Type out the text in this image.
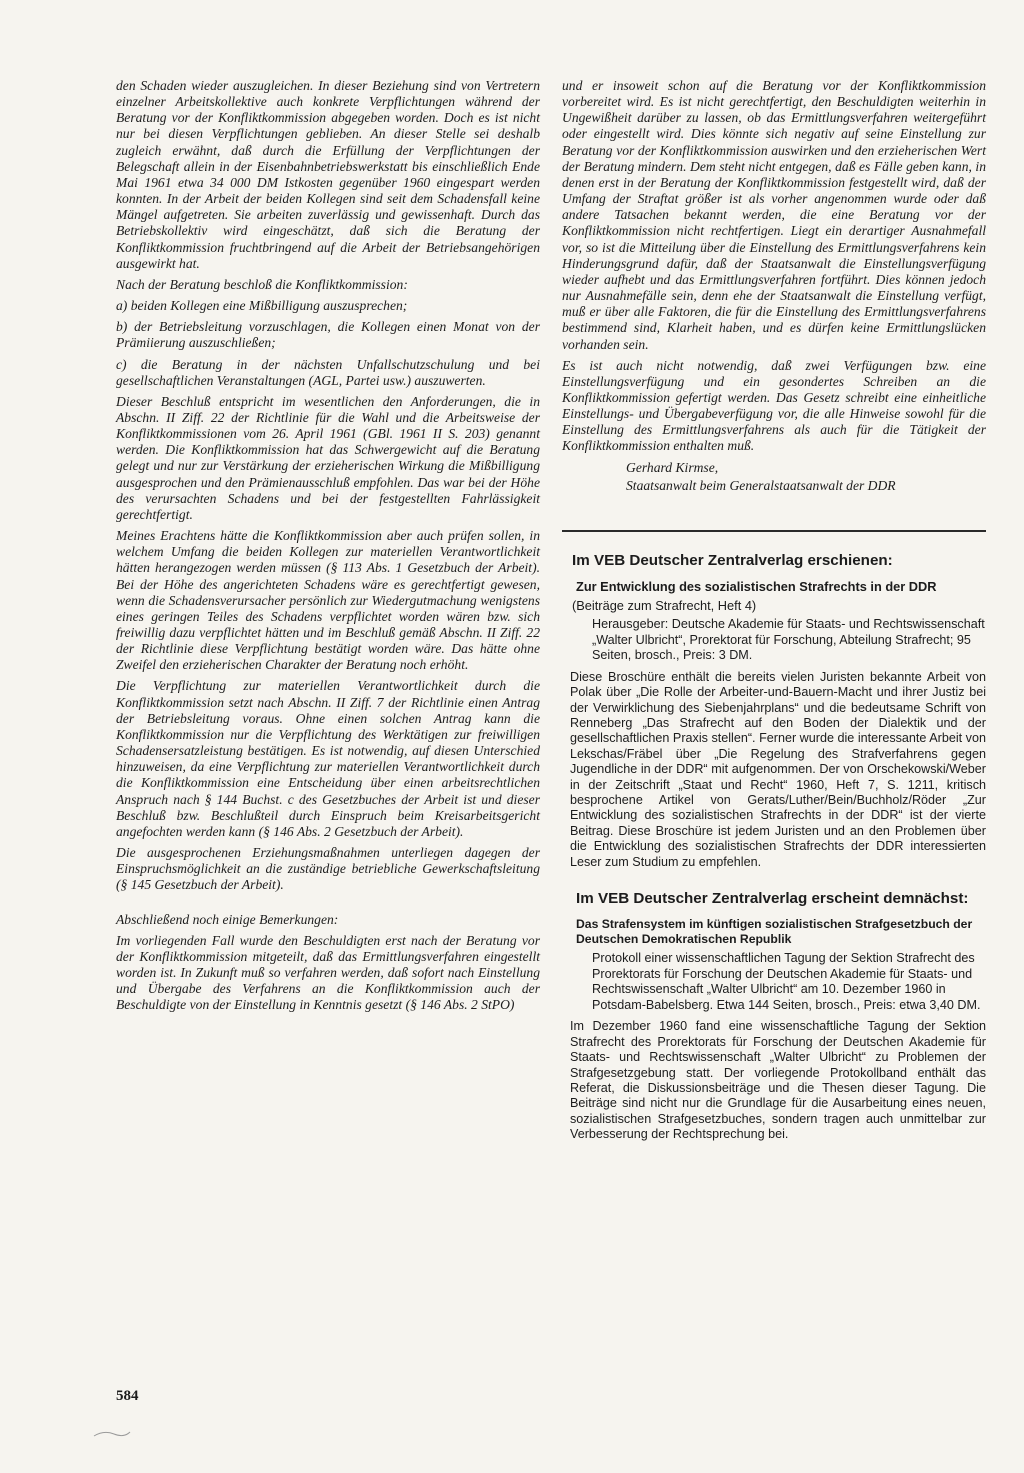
den Schaden wieder auszugleichen. In dieser Beziehung sind von Vertretern einzelner Arbeitskollektive auch konkrete Verpflichtungen während der Beratung vor der Konfliktkommission abgegeben worden. Doch es ist nicht nur bei diesen Verpflichtungen geblieben. An dieser Stelle sei deshalb zugleich erwähnt, daß durch die Erfüllung der Verpflichtungen der Belegschaft allein in der Eisenbahnbetriebswerkstatt bis einschließlich Ende Mai 1961 etwa 34 000 DM Istkosten gegenüber 1960 eingespart werden konnten. In der Arbeit der beiden Kollegen sind seit dem Schadensfall keine Mängel aufgetreten. Sie arbeiten zuverlässig und gewissenhaft. Durch das Betriebskollektiv wird eingeschätzt, daß sich die Beratung der Konfliktkommission fruchtbringend auf die Arbeit der Betriebsangehörigen ausgewirkt hat.

Nach der Beratung beschloß die Konfliktkommission:

a) beiden Kollegen eine Mißbilligung auszusprechen;

b) der Betriebsleitung vorzuschlagen, die Kollegen einen Monat von der Prämiierung auszuschließen;

c) die Beratung in der nächsten Unfallschutzschulung und bei gesellschaftlichen Veranstaltungen (AGL, Partei usw.) auszuwerten.

Dieser Beschluß entspricht im wesentlichen den Anforderungen, die in Abschn. II Ziff. 22 der Richtlinie für die Wahl und die Arbeitsweise der Konfliktkommissionen vom 26. April 1961 (GBl. 1961 II S. 203) genannt werden. Die Konfliktkommission hat das Schwergewicht auf die Beratung gelegt und nur zur Verstärkung der erzieherischen Wirkung die Mißbilligung ausgesprochen und den Prämienausschluß empfohlen. Das war bei der Höhe des verursachten Schadens und bei der festgestellten Fahrlässigkeit gerechtfertigt.

Meines Erachtens hätte die Konfliktkommission aber auch prüfen sollen, in welchem Umfang die beiden Kollegen zur materiellen Verantwortlichkeit hätten herangezogen werden müssen (§ 113 Abs. 1 Gesetzbuch der Arbeit). Bei der Höhe des angerichteten Schadens wäre es gerechtfertigt gewesen, wenn die Schadensverursacher persönlich zur Wiedergutmachung wenigstens eines geringen Teiles des Schadens verpflichtet worden wären bzw. sich freiwillig dazu verpflichtet hätten und im Beschluß gemäß Abschn. II Ziff. 22 der Richtlinie diese Verpflichtung bestätigt worden wäre. Das hätte ohne Zweifel den erzieherischen Charakter der Beratung noch erhöht.

Die Verpflichtung zur materiellen Verantwortlichkeit durch die Konfliktkommission setzt nach Abschn. II Ziff. 7 der Richtlinie einen Antrag der Betriebsleitung voraus. Ohne einen solchen Antrag kann die Konfliktkommission nur die Verpflichtung des Werktätigen zur freiwilligen Schadensersatzleistung bestätigen. Es ist notwendig, auf diesen Unterschied hinzuweisen, da eine Verpflichtung zur materiellen Verantwortlichkeit durch die Konfliktkommission eine Entscheidung über einen arbeitsrechtlichen Anspruch nach § 144 Buchst. c des Gesetzbuches der Arbeit ist und dieser Beschluß bzw. Beschlußteil durch Einspruch beim Kreisarbeitsgericht angefochten werden kann (§ 146 Abs. 2 Gesetzbuch der Arbeit).

Die ausgesprochenen Erziehungsmaßnahmen unterliegen dagegen der Einspruchsmöglichkeit an die zuständige betriebliche Gewerkschaftsleitung (§ 145 Gesetzbuch der Arbeit).

Abschließend noch einige Bemerkungen:

Im vorliegenden Fall wurde den Beschuldigten erst nach der Beratung vor der Konfliktkommission mitgeteilt, daß das Ermittlungsverfahren eingestellt worden ist. In Zukunft muß so verfahren werden, daß sofort nach Einstellung und Übergabe des Verfahrens an die Konfliktkommission auch der Beschuldigte von der Einstellung in Kenntnis gesetzt (§ 146 Abs. 2 StPO)

und er insoweit schon auf die Beratung vor der Konfliktkommission vorbereitet wird. Es ist nicht gerechtfertigt, den Beschuldigten weiterhin in Ungewißheit darüber zu lassen, ob das Ermittlungsverfahren weitergeführt oder eingestellt wird. Dies könnte sich negativ auf seine Einstellung zur Beratung vor der Konfliktkommission auswirken und den erzieherischen Wert der Beratung mindern. Dem steht nicht entgegen, daß es Fälle geben kann, in denen erst in der Beratung der Konfliktkommission festgestellt wird, daß der Umfang der Straftat größer ist als vorher angenommen wurde oder daß andere Tatsachen bekannt werden, die eine Beratung vor der Konfliktkommission nicht rechtfertigen. Liegt ein derartiger Ausnahmefall vor, so ist die Mitteilung über die Einstellung des Ermittlungsverfahrens kein Hinderungsgrund dafür, daß der Staatsanwalt die Einstellungsverfügung wieder aufhebt und das Ermittlungsverfahren fortführt. Dies können jedoch nur Ausnahmefälle sein, denn ehe der Staatsanwalt die Einstellung verfügt, muß er über alle Faktoren, die für die Einstellung des Ermittlungsverfahrens bestimmend sind, Klarheit haben, und es dürfen keine Ermittlungslücken vorhanden sein.

Es ist auch nicht notwendig, daß zwei Verfügungen bzw. eine Einstellungsverfügung und ein gesondertes Schreiben an die Konfliktkommission gefertigt werden. Das Gesetz schreibt eine einheitliche Einstellungs- und Übergabeverfügung vor, die alle Hinweise sowohl für die Einstellung des Ermittlungsverfahrens als auch für die Tätigkeit der Konfliktkommission enthalten muß.

Gerhard Kirmse,

Staatsanwalt beim Generalstaatsanwalt der DDR

Im VEB Deutscher Zentralverlag erschienen:
Zur Entwicklung des sozialistischen Strafrechts in der DDR
(Beiträge zum Strafrecht, Heft 4)
Herausgeber: Deutsche Akademie für Staats- und Rechtswissenschaft „Walter Ulbricht“, Prorektorat für Forschung, Abteilung Strafrecht; 95 Seiten, brosch., Preis: 3 DM.
Diese Broschüre enthält die bereits vielen Juristen bekannte Arbeit von Polak über „Die Rolle der Arbeiter-und-Bauern-Macht und ihrer Justiz bei der Verwirklichung des Siebenjahrplans“ und die bedeutsame Schrift von Renneberg „Das Strafrecht auf den Boden der Dialektik und der gesellschaftlichen Praxis stellen“. Ferner wurde die interessante Arbeit von Lekschas/Fräbel über „Die Regelung des Strafverfahrens gegen Jugendliche in der DDR“ mit aufgenommen. Der von Orschekowski/Weber in der Zeitschrift „Staat und Recht“ 1960, Heft 7, S. 1211, kritisch besprochene Artikel von Gerats/Luther/Bein/Buchholz/Röder „Zur Entwicklung des sozialistischen Strafrechts in der DDR“ ist der vierte Beitrag. Diese Broschüre ist jedem Juristen und an den Problemen über die Entwicklung des sozialistischen Strafrechts der DDR interessierten Leser zum Studium zu empfehlen.
Im VEB Deutscher Zentralverlag erscheint demnächst:
Das Strafensystem im künftigen sozialistischen Strafgesetzbuch der Deutschen Demokratischen Republik
Protokoll einer wissenschaftlichen Tagung der Sektion Strafrecht des Prorektorats für Forschung der Deutschen Akademie für Staats- und Rechtswissenschaft „Walter Ulbricht“ am 10. Dezember 1960 in Potsdam-Babelsberg. Etwa 144 Seiten, brosch., Preis: etwa 3,40 DM.
Im Dezember 1960 fand eine wissenschaftliche Tagung der Sektion Strafrecht des Prorektorats für Forschung der Deutschen Akademie für Staats- und Rechtswissenschaft „Walter Ulbricht“ zu Problemen der Strafgesetzgebung statt. Der vorliegende Protokollband enthält das Referat, die Diskussionsbeiträge und die Thesen dieser Tagung. Die Beiträge sind nicht nur die Grundlage für die Ausarbeitung eines neuen, sozialistischen Strafgesetzbuches, sondern tragen auch unmittelbar zur Verbesserung der Rechtsprechung bei.
584
